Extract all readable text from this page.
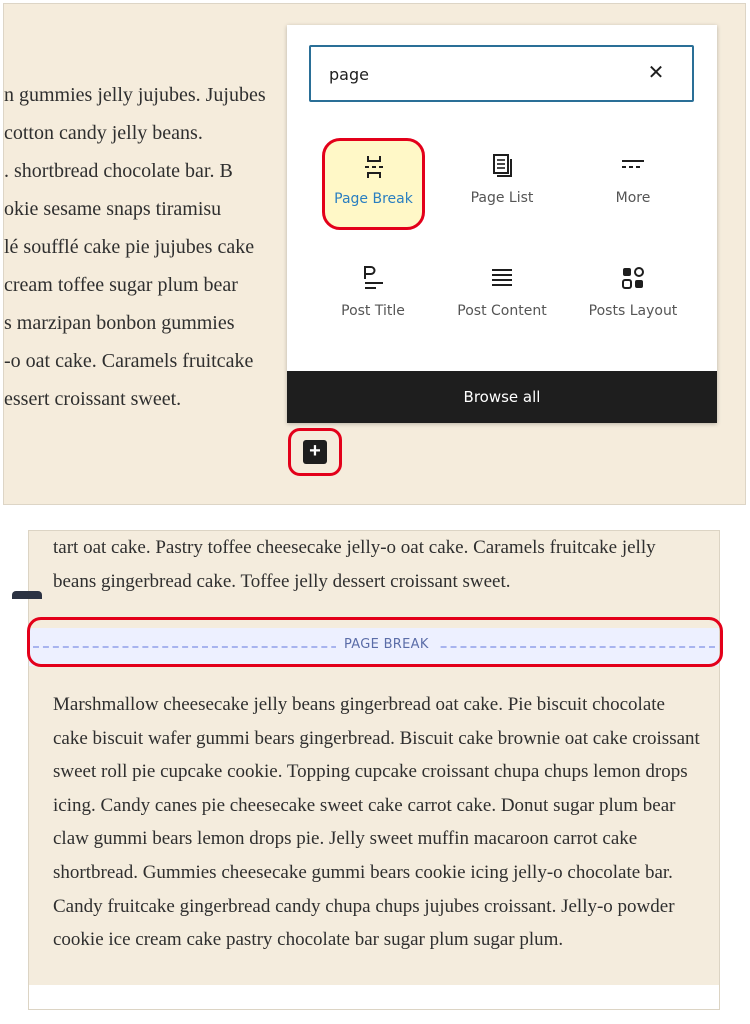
n gummies jelly jujubes. Jujubes
cotton candy jelly beans.
. shortbread chocolate bar. B
okie sesame snaps tiramisu
lé soufflé cake pie jujubes cake
cream toffee sugar plum bear
s marzipan bonbon gummies
-o oat cake. Caramels fruitcake
essert croissant sweet.
page
✕
Page Break	Page List	More
Post Title	Post Content	Posts Layout
Browse all
+
tart oat cake. Pastry toffee cheesecake jelly-o oat cake. Caramels fruitcake jelly beans gingerbread cake. Toffee jelly dessert croissant sweet.
PAGE BREAK
Marshmallow cheesecake jelly beans gingerbread oat cake. Pie biscuit chocolate cake biscuit wafer gummi bears gingerbread. Biscuit cake brownie oat cake croissant sweet roll pie cupcake cookie. Topping cupcake croissant chupa chups lemon drops icing. Candy canes pie cheesecake sweet cake carrot cake. Donut sugar plum bear claw gummi bears lemon drops pie. Jelly sweet muffin macaroon carrot cake shortbread. Gummies cheesecake gummi bears cookie icing jelly-o chocolate bar. Candy fruitcake gingerbread candy chupa chups jujubes croissant. Jelly-o powder cookie ice cream cake pastry chocolate bar sugar plum sugar plum.
